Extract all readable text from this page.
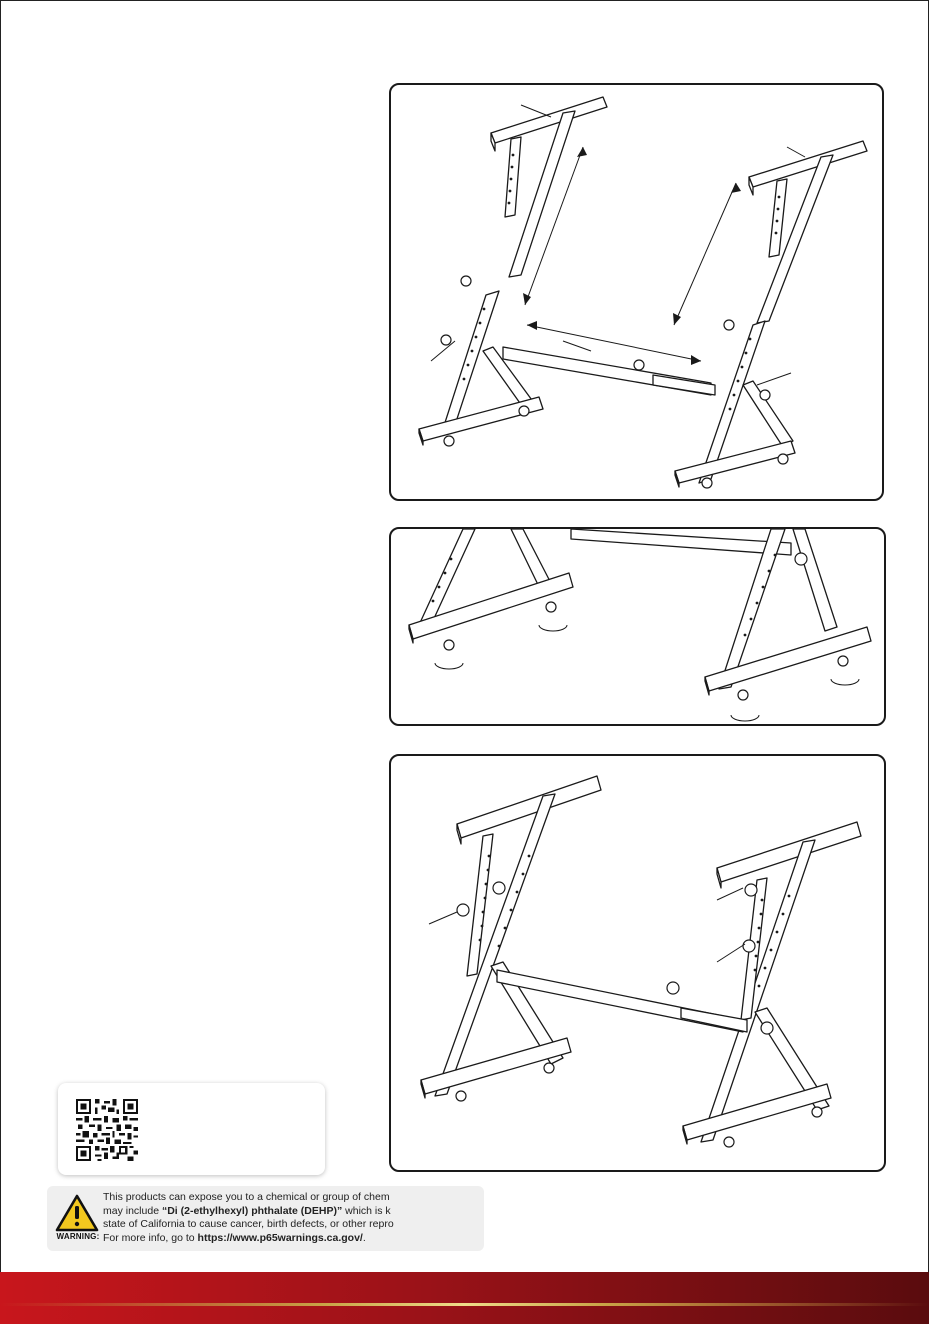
WARNING:
This products can expose you to a chemical or group of chem
may include “Di (2-ethylhexyl) phthalate (DEHP)” which is k
state of California to cause cancer, birth defects, or other repro
For more info, go to https://www.p65warnings.ca.gov/.
